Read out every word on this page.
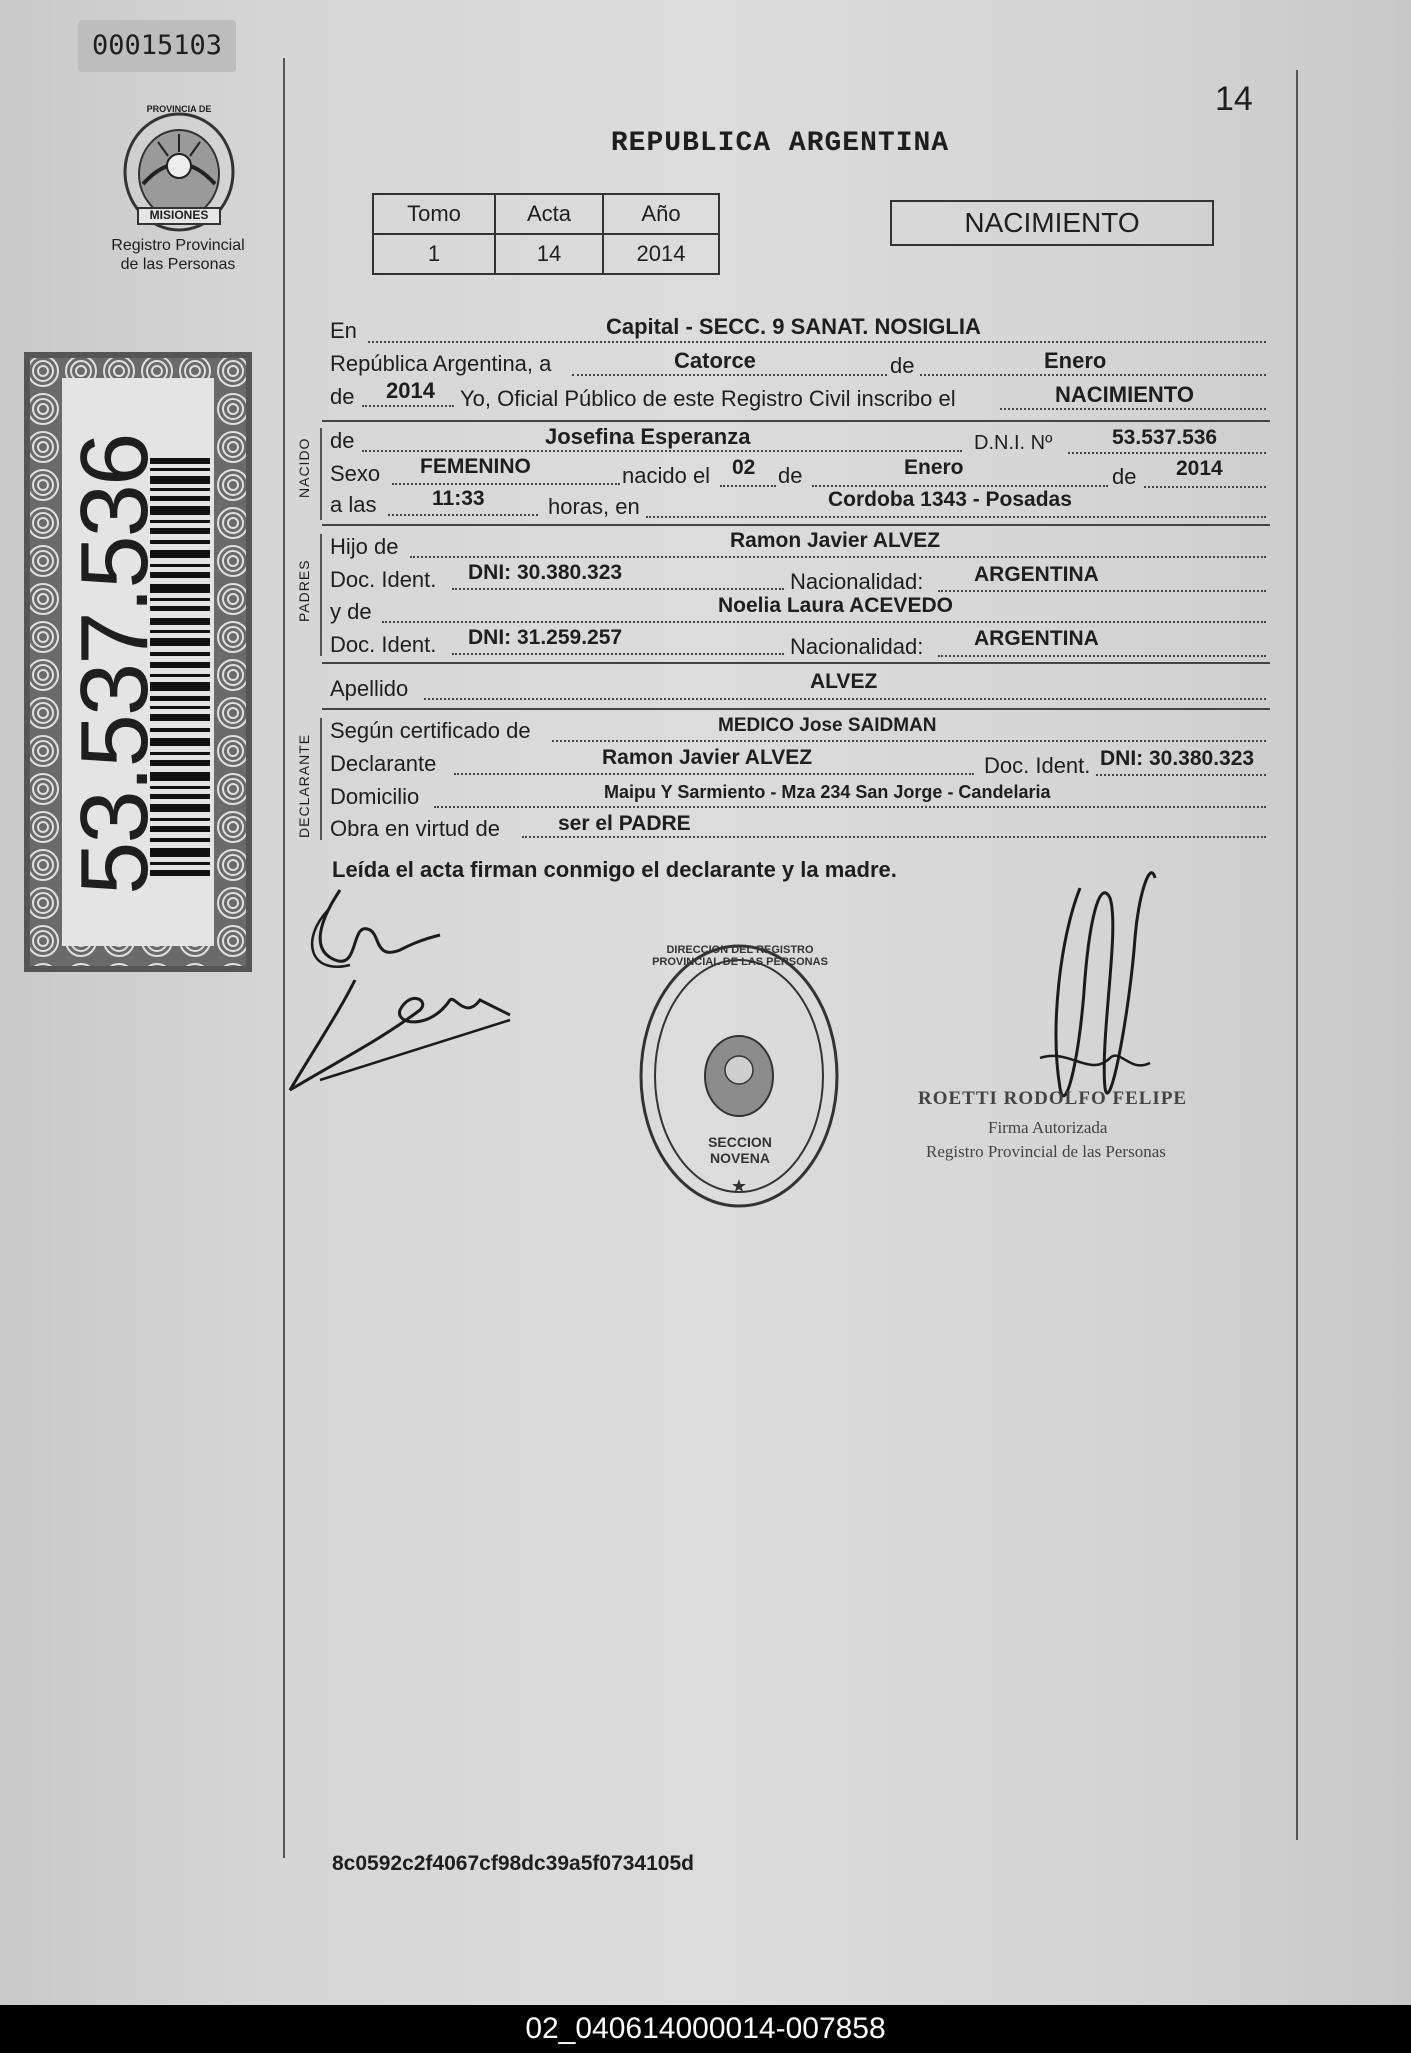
00015103
PROVINCIA DE
MISIONES
Registro Provincial
de las Personas
53.537.536
14
REPUBLICA ARGENTINA
Tomo	Acta	Año
1	14	2014
NACIMIENTO
En	Capital - SECC. 9 SANAT. NOSIGLIA
República Argentina, a	Catorce	de	Enero
de 2014 Yo, Oficial Público de este Registro Civil inscribo el	NACIMIENTO
NACIDO de	Josefina Esperanza	D.N.I. Nº	53.537.536
Sexo FEMENINO	nacido el 02 de	Enero	de 2014
a las	11:33	horas, en	Cordoba 1343 - Posadas
PADRES
Hijo de	Ramon Javier ALVEZ
Doc. Ident. DNI: 30.380.323	Nacionalidad: ARGENTINA
y de	Noelia Laura ACEVEDO
Doc. Ident. DNI: 31.259.257	Nacionalidad: ARGENTINA
Apellido	ALVEZ
DECLARANTE
Según certificado de	MEDICO Jose SAIDMAN
Declarante	Ramon Javier ALVEZ	Doc. Ident. DNI: 30.380.323
Domicilio	Maipu Y Sarmiento - Mza 234 San Jorge - Candelaria
Obra en virtud de	ser el PADRE
Leída el acta firman conmigo el declarante y la madre.
★
DIRECCION DEL REGISTRO PROVINCIAL DE LAS PERSONAS
SECCION NOVENA
ROETTI RODOLFO FELIPE
Firma Autorizada
Registro Provincial de las Personas
8c0592c2f4067cf98dc39a5f0734105d
02_040614000014-007858
